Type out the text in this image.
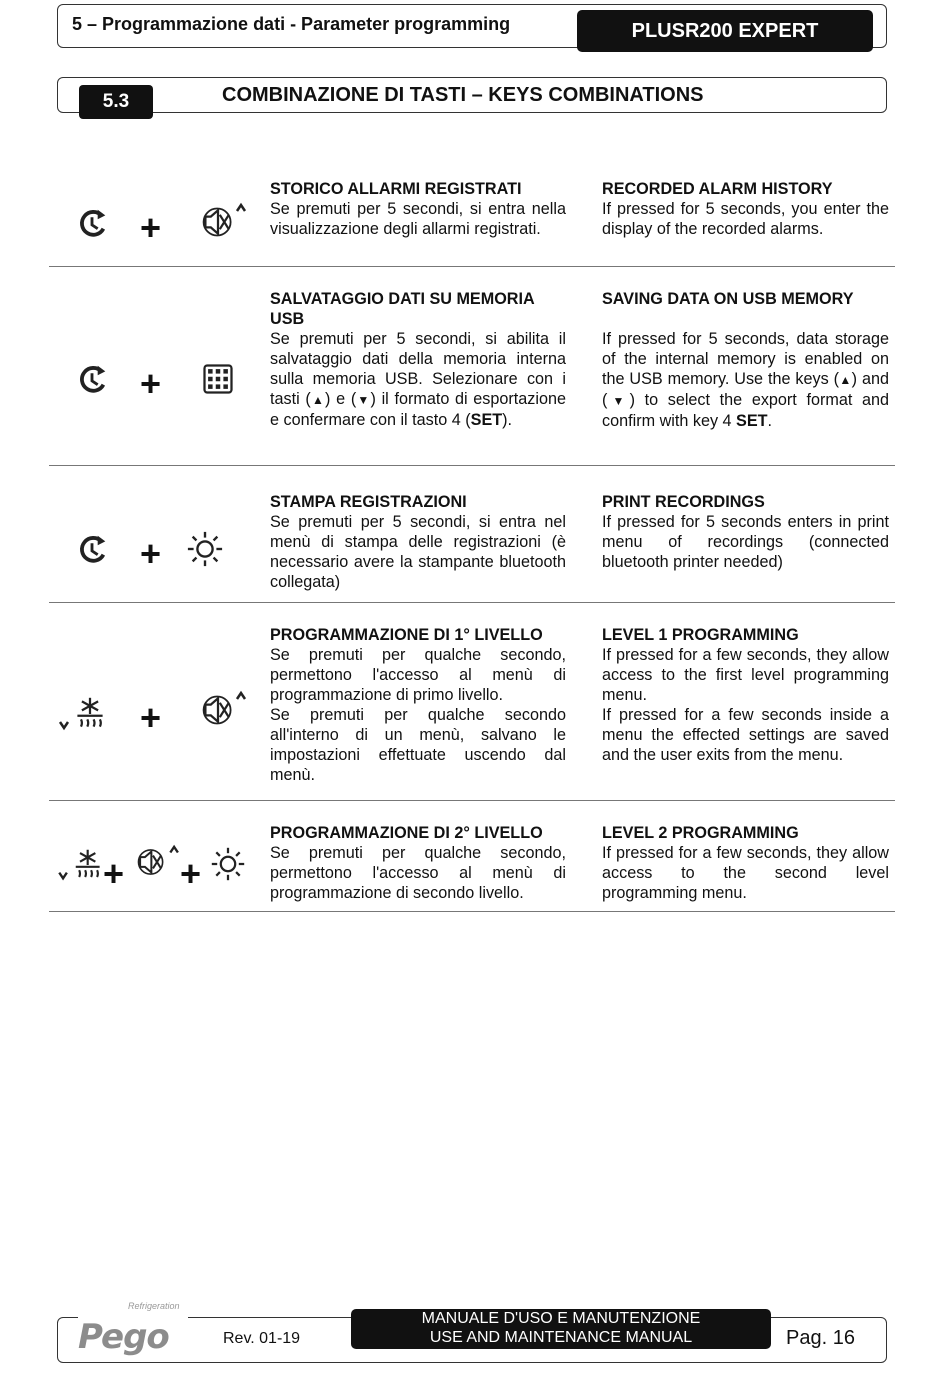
5 – Programmazione dati - Parameter programming	PLUSR200 EXPERT
5.3	COMBINAZIONE DI TASTI – KEYS COMBINATIONS
+
STORICO ALLARMI REGISTRATI
Se premuti per 5 secondi, si entra nella visualizzazione degli allarmi registrati.
RECORDED ALARM HISTORY
If pressed for 5 seconds, you enter the display of the recorded alarms.
+
SALVATAGGIO DATI SU MEMORIA USB
Se premuti per 5 secondi, si abilita il salvataggio dati della memoria interna sulla memoria USB. Selezionare con i tasti (▲) e (▼) il formato di esportazione e confermare con il tasto 4 (SET).
SAVING DATA ON USB MEMORY
If pressed for 5 seconds, data storage of the internal memory is enabled on the USB memory. Use the keys (▲) and (▼) to select the export format and confirm with key 4 SET.
+
STAMPA REGISTRAZIONI
Se premuti per 5 secondi, si entra nel menù di stampa delle registrazioni (è necessario avere la stampante bluetooth collegata)
PRINT RECORDINGS
If pressed for 5 seconds enters in print menu of recordings (connected bluetooth printer needed)
+
PROGRAMMAZIONE DI 1° LIVELLO
Se premuti per qualche secondo, permettono l'accesso al menù di programmazione di primo livello.
Se premuti per qualche secondo all'interno di un menù, salvano le impostazioni effettuate uscendo dal menù.
LEVEL 1 PROGRAMMING
If pressed for a few seconds, they allow access to the first level programming menu.
If pressed for a few seconds inside a menu the effected settings are saved and the user exits from the menu.
+ +
PROGRAMMAZIONE DI 2° LIVELLO
Se premuti per qualche secondo, permettono l'accesso al menù di programmazione di secondo livello.
LEVEL 2 PROGRAMMING
If pressed for a few seconds, they allow access to the second level programming menu.
Refrigeration
Pego	Rev. 01-19
MANUALE D'USO E MANUTENZIONE
USE AND MAINTENANCE MANUAL	Pag. 16
